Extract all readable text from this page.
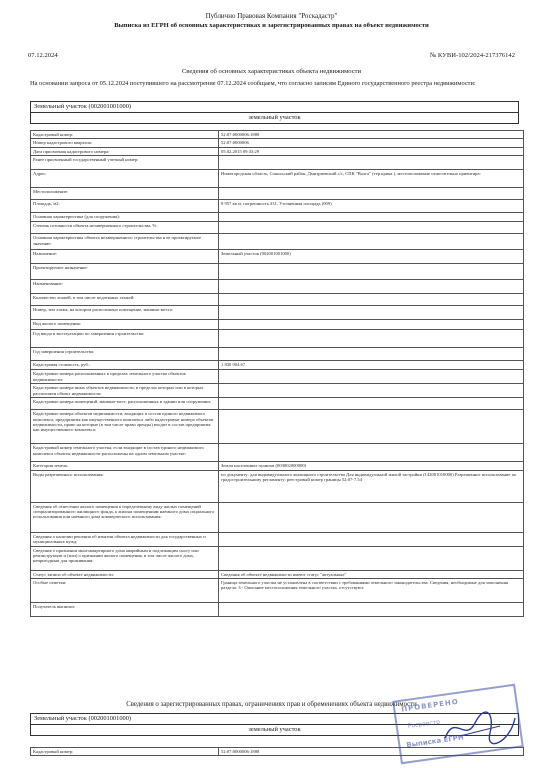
Публично Правовая Компания "Роскадастр"
Выписка из ЕГРН об основных характеристиках и зарегистрированных правах на объект недвижимости
07.12.2024	№ КУВИ-102/2024-217376142
Сведения об основных характеристиках объекта недвижимости
На основании запроса от 05.12.2024 поступившего на рассмотрение 07.12.2024 сообщаем, что согласно записям Единого государственного реестра недвижимости:
Земельный участок (002001001000)
земельный участок
Кадастровый номер:	52:07:0000006:1888
Номер кадастрового квартала:	52:07:0000006
Дата присвоения кадастрового номера:	05.02.2015 09:33:29
Ранее присвоенный государственный учетный номер:	
Адрес:	Нижегородская область, Сокольский район, Дмитриевский с/с, СПК "Волга" (тер.крика ), местоположение относительно ориентира:
Местоположение:	
Площадь, м2:	8 957 кв м, погрешность 331, Уточненная площадь (009)
Основная характеристика (для сооружения):	
Степень готовности объекта незавершенного строительства, %:	
Основная характеристика объекта незавершенного строительства и ее проектируемое значение:	
Назначение:	Земельный участок (002001001000)
Проектируемое назначение:	
Наименование:	
Количество этажей, в том числе подземных этажей:	
Номер, тип этажа, на котором расположено помещение, машино-место:	
Вид жилого помещения:	
Год ввода в эксплуатацию по завершении строительства:	
Год завершения строительства:	
Кадастровая стоимость, руб.:	1 830 004.67
Кадастровые номера расположенных в пределах земельного участка объектов недвижимости:	
Кадастровые номера иных объектов недвижимости, в пределах которых или в которых расположен объект недвижимости:	
Кадастровые номера помещений, машино-мест, расположенных в здании или сооружении:	
Кадастровые номера объектов недвижимости, входящих в состав единого недвижимого комплекса, предприятия как имущественного комплекса либо кадастровые номера объектов недвижимости, право на которые (в том числе право аренды) входит в состав предприятия как имущественного комплекса:	
Кадастровый номер земельного участка, если входящие в состав единого недвижимого комплекса объекты недвижимости расположены на одном земельном участке:	
Категория земель:	Земли населенных пунктов (003002000000)
Виды разрешенного использования:	по документу: для индивидуального жилищного строительства Для индивидуальной жилой застройки (142001010000) Разрешенное использование по градостроительному регламенту: реестровый номер границы 52:07-7.54
Сведения об отнесении жилого помещения к определенному виду жилых помещений специализированного жилищного фонда, к жилым помещениям наемного дома социального использования или наемного дома коммерческого использования:	
Сведения о наличии решения об изъятии объекта недвижимости для государственных и муниципальных нужд:	
Сведения о признании многоквартирного дома аварийным и подлежащим сносу или реконструкции и (или) о признании жилого помещения, в том числе жилого дома, непригодным для проживания:	
Статус записи об объекте недвижимости:	Сведения об объекте недвижимости имеют статус "актуальные"
Особые отметки:	Граница земельного участка не установлена в соответствии с требованиями земельного законодательства. Сведения, необходимые для заполнения раздела: 3 - Описание местоположения земельного участка, отсутствуют.
Получатель выписки:	
Сведения о зарегистрированных правах, ограничениях прав и обременениях объекта недвижимости
Земельный участок (002001001000)
земельный участок
Кадастровый номер:	52:07:0000006:1888
ПРОВЕРЕНО
Росреестр
Выписка ЕГРН
